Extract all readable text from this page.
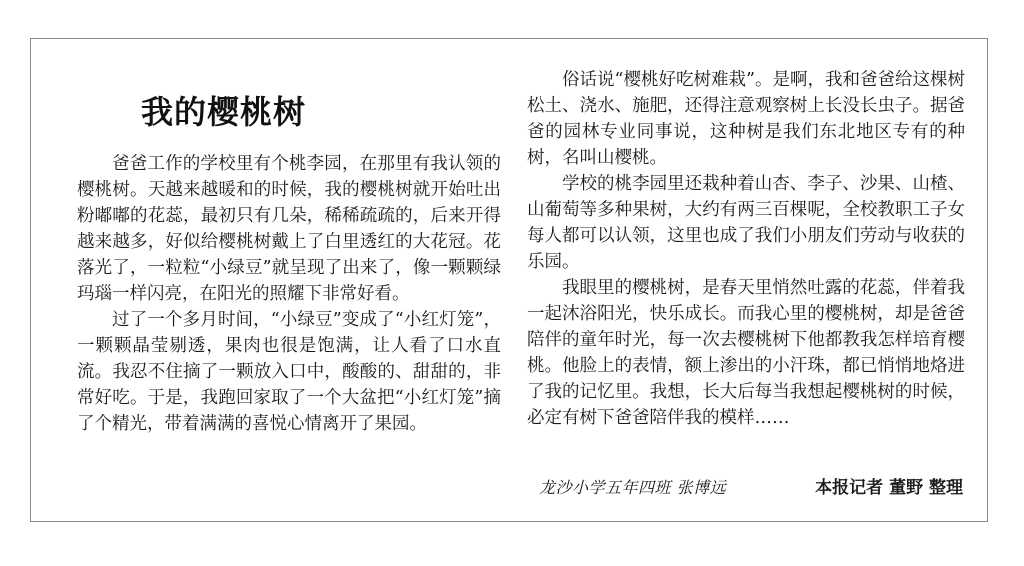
我的樱桃树

爸爸工作的学校里有个桃李园，在那里有我认领的樱桃树。天越来越暖和的时候，我的樱桃树就开始吐出粉嘟嘟的花蕊，最初只有几朵，稀稀疏疏的，后来开得越来越多，好似给樱桃树戴上了白里透红的大花冠。花落光了，一粒粒“小绿豆”就呈现了出来了，像一颗颗绿玛瑙一样闪亮，在阳光的照耀下非常好看。

过了一个多月时间，“小绿豆”变成了“小红灯笼”，一颗颗晶莹剔透，果肉也很是饱满，让人看了口水直流。我忍不住摘了一颗放入口中，酸酸的、甜甜的，非常好吃。于是，我跑回家取了一个大盆把“小红灯笼”摘了个精光，带着满满的喜悦心情离开了果园。

俗话说“樱桃好吃树难栽”。是啊，我和爸爸给这棵树松土、浇水、施肥，还得注意观察树上长没长虫子。据爸爸的园林专业同事说，这种树是我们东北地区专有的种树，名叫山樱桃。

学校的桃李园里还栽种着山杏、李子、沙果、山楂、山葡萄等多种果树，大约有两三百棵呢，全校教职工子女每人都可以认领，这里也成了我们小朋友们劳动与收获的乐园。

我眼里的樱桃树，是春天里悄然吐露的花蕊，伴着我一起沐浴阳光，快乐成长。而我心里的樱桃树，却是爸爸陪伴的童年时光，每一次去樱桃树下他都教我怎样培育樱桃。他脸上的表情，额上渗出的小汗珠，都已悄悄地烙进了我的记忆里。我想，长大后每当我想起樱桃树的时候，必定有树下爸爸陪伴我的模样……

龙沙小学五年四班 张博远	本报记者 董野 整理
